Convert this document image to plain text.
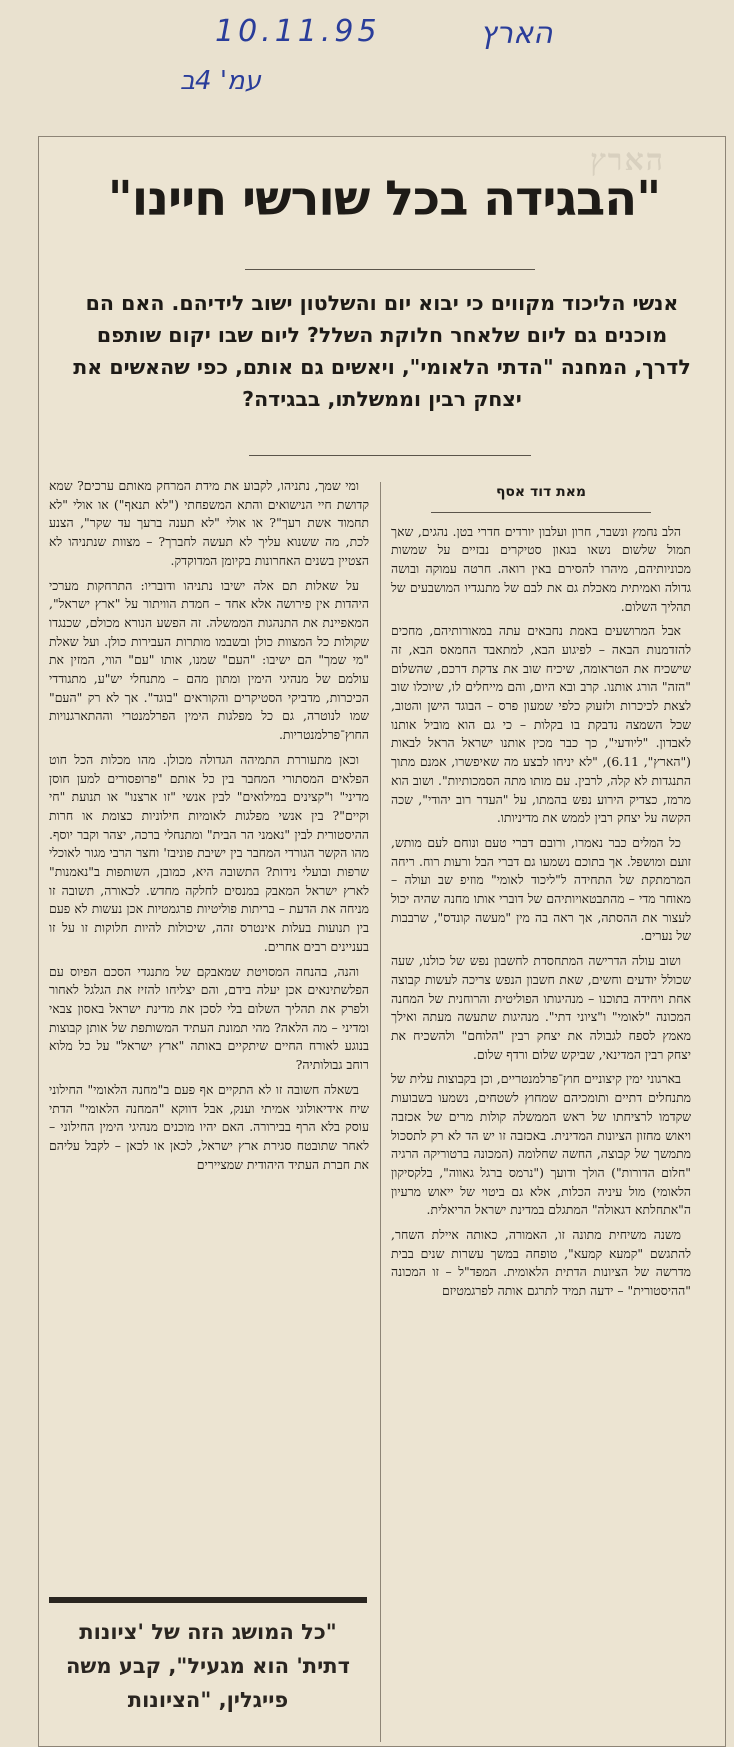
10.11.95	הארץ
עמ' 4ב
הארץ
"הבגידה בכל שורשי חיינו"
אנשי הליכוד מקווים כי יבוא יום והשלטון ישוב לידיהם. האם הם מוכנים גם ליום שלאחר חלוקת השלל? ליום שבו יקום שותפם לדרך, המחנה "הדתי הלאומי", ויאשים גם אותם, כפי שהאשים את יצחק רבין וממשלתו, בבגידה?
מאת דוד אסף

הלב נחמץ ונשבר, חרון ועלבון יורדים חדרי בטן. נהגים, שאך תמול שלשום נשאו בגאון סטיקרים נבזיים על שמשות מכוניותיהם, מיהרו להסירם באין רואה. חרטה עמוקה ובושה גדולה ואמיתית מאכלת גם את לבם של מתנגדיו המושבעים של תהליך השלום.

אבל המרושעים באמת נחבאים עתה במאורותיהם, מחכים להזדמנות הבאה – לפיגוע הבא, למתאבד החמאס הבא, זה שישכיח את הטראומה, שיכיח שוב את צדקת דרכם, שהשלום "הזה" הורג אותנו. קרב ובא היום, והם מייחלים לו, שיוכלו שוב לצאת לכיכרות ולזעוק כלפי שמעון פרס – הבוגד הישן והטוב, שכל השמצה נדבקת בו בקלות – כי גם הוא מוביל אותנו לאבדון. "ליודעי", כך כבר מכין אותנו ישראל הראל לבאות ("הארץ", 6.11), "לא יניחו לבצע מה שאיפשרו, אמנם מתוך התנגדות לא קלה, לרבין. עם מותו מתה הסמכותיות". ושוב הוא מרמז, כצדיק הירוע נפש בהמתו, על "העדר רוב יהודי", שכה הקשה על יצחק רבין לממש את מדיניותו.

כל המלים כבר נאמרו, ורובם דברי טעם ונוחם לעם מותש, זועם ומושפל. אך בתוכם נשמעו גם דברי הבל ורעות רוח. ריחה המרמתקת של התחידה ל"ליכוד לאומי" מוזיפ שב ועולה – מאוחר מדי – מהתבטאויותיהם של דוברי אותו מחנה שהיה יכול לעצור את ההסתה, אך ראה בה מין "מעשה קונדס", שרבבות של נערים.

ושוב עולה הדרישה המתחסדת לחשבון נפש של כולנו, שעה שכולל יודעים וחשים, שאת חשבון הנפש צריכה לעשות קבוצה אחת ויחידה בתוכנו – מנהיגותו הפוליטית והרוחנית של המחנה המכונה "לאומי" ו"ציוני דתי". מנהיגות שתעשה מעתה ואילך מאמץ לספח לגבולה את יצחק רבין "הלוחם" ולהשכיח את יצחק רבין המדינאי, שביקש שלום ורדף שלום.

בארגוני ימין קיצוניים חוץ־פרלמנטריים, וכן בקבוצות עלית של מתנחלים דתיים ותומכיהם שמחוץ לשטחים, נשמעו בשבועות שקדמו לרציחתו של ראש הממשלה קולות מרים של אכזבה ויאוש מחזון הציונות המדינית. באכזבה זו יש הד לא רק לתסכול מתמשך של קבוצה, החשה שחלומה (המכונה ברטוריקה הרגיה "חלום הדורות") הולך ודועך ("נרמס ברגל גאווה", בלקסיקון הלאומי) מול עיניה הכלות, אלא גם ביטוי של ייאוש מרעיון ה"אתחלתא דגאולה" המתגלם במדינת ישראל הריאלית.

משנה משיחית מתונה זו, האמורה, כאותה איילת השחר, להתגשם "קמעא קמעא", טופחה במשך עשרות שנים בבית מדרשה של הציונות הדתית הלאומית. המפד"ל – זו המכונה "ההיסטורית" – ידעה תמיד לתרגם אותה לפרגמטיזם

ומי שמך, נתניהו, לקבוע את מידת המרחק מאותם ערכים? שמא קדושת חיי הנישואים והתא המשפחתי ("לא תנאף") או אולי "לא תחמוד אשת רעך"? או אולי "לא תענה ברעך עד שקר", הצנע לכת, מה ששנוא עליך לא תעשה לחברך? – מצוות שנתניהו לא הצטיין בשנים האחרונות בקיומן המדוקדק.

על שאלות תם אלה ישיבו נתניהו ודובריו: התרחקות מערכי היהדות אין פירושה אלא אחד – חמדת הוויתור על "ארץ ישראל", המאפיינת את התנהגות הממשלה. זה הפשע הנורא מכולם, שכנגדו שקולות כל המצוות כולן ובשבמו מותרות העבירות כולן. ועל שאלת "מי שמך" הם ישיבו: "העם" שמנו, אותו "עם" הווי, המזין את עולמם של מנהיגי הימין ומתון מהם – מתנחלי יש"ע, מתגודדי הכיכרות, מדביקי הסטיקרים והקוראים "בוגד". אך לא רק "העם" שמו לנוטרה, גם כל מפלגות הימין הפרלמנטרי וההתארגנויות החוץ־פרלמנטריות.

וכאן מתעוררת התמיהה הגדולה מכולן. מהו מכלות הכל חוט הפלאים המסתורי המחבר בין כל אותם "פרופסורים למען חוסן מדיני" ו"קצינים במילואים" לבין אנשי "זו ארצנו" או תנועת "חי וקיים"? בין אנשי מפלגות לאומיות חילוניות כצומת או חרות ההיסטורית לבין "נאמני הר הבית" ומתנחלי ברכה, יצהר וקבר יוסף. מהו הקשר הגורדי המחבר בין ישיבת פוניבז' וחצר הרבי מגור לאוכלי שרפות ובועלי נידות? התשובה היא, כמובן, השותפות ב"נאמנות" לארץ ישראל המאבק במנסים לחלקה מחדש. לכאורה, תשובה זו מניחה את הדעת – בריתות פוליטיות פרגמטיות אכן נעשות לא פעם בין תנועות בעלות אינטרס זהה, שיכולות להיות חלוקות זו על זו בעניינים רבים אחרים.

והנה, בהנחה המסויטת שמאבקם של מתנגדי הסכם הפיוס עם הפלשתינאים אכן יעלה בידם, והם יצליחו להזיז את הגלגל לאחור ולפרק את תהליך השלום בלי לסכן את מדינת ישראל באסון צבאי ומדיני – מה הלאה? מהי תמונת העתיד המשותפת של אותן קבוצות בנוגע לאורח החיים שיתקיים באותה "ארץ ישראל" על כל מלוא רוחב גבולותיה?

בשאלה חשובה זו לא התקיים אף פעם ב"מחנה הלאומי" החילוני שיח אידיאולוגי אמיתי וענק, אבל דווקא "המחנה הלאומי" הדתי עוסק בלא הרף בבירורה. האם יהיו מוכנים מנהיגי הימין החילוני – לאחר שתובטח סגירת ארץ ישראל, לכאן או לכאן – לקבל עליהם את חברת העתיד היהודית שמציירים

"כל המושג הזה של 'ציונות דתית' הוא מגעיל", קבע משה פייגלין, "הציונות
